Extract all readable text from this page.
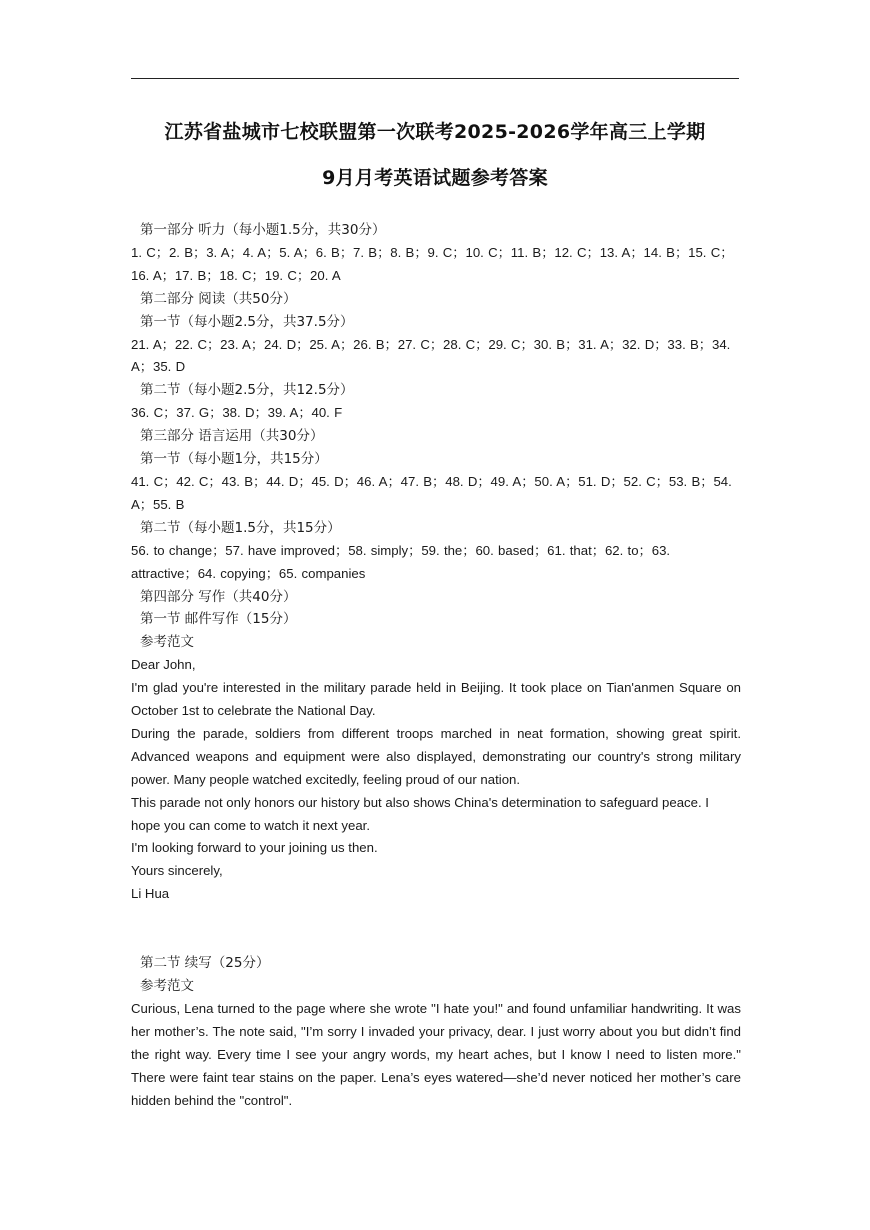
江苏省盐城市七校联盟第一次联考2025-2026学年高三上学期
9月月考英语试题参考答案

第一部分 听力（每小题1.5分，共30分）

1. C；2. B；3. A；4. A；5. A；6. B；7. B；8. B；9. C；10. C；11. B；12. C；13. A；14. B；15. C；16. A；17. B；18. C；19. C；20. A

第二部分 阅读（共50分）

第一节（每小题2.5分，共37.5分）

21. A；22. C；23. A；24. D；25. A；26. B；27. C；28. C；29. C；30. B；31. A；32. D；33. B；34. A；35. D

第二节（每小题2.5分，共12.5分）

36. C；37. G；38. D；39. A；40. F

第三部分 语言运用（共30分）

第一节（每小题1分，共15分）

41. C；42. C；43. B；44. D；45. D；46. A；47. B；48. D；49. A；50. A；51. D；52. C；53. B；54. A；55. B

第二节（每小题1.5分，共15分）

56. to change；57. have improved；58. simply；59. the；60. based；61. that；62. to；63. attractive；64. copying；65. companies

第四部分 写作（共40分）

第一节 邮件写作（15分）

参考范文

Dear John,

I'm glad you're interested in the military parade held in Beijing. It took place on Tian'anmen Square on October 1st to celebrate the National Day.

During the parade, soldiers from different troops marched in neat formation, showing great spirit. Advanced weapons and equipment were also displayed, demonstrating our country's strong military power. Many people watched excitedly, feeling proud of our nation.

This parade not only honors our history but also shows China's determination to safeguard peace. I hope you can come to watch it next year.

I'm looking forward to your joining us then.

Yours sincerely,

Li Hua

第二节 续写（25分）

参考范文

Curious, Lena turned to the page where she wrote "I hate you!" and found unfamiliar handwriting. It was her mother’s. The note said, "I’m sorry I invaded your privacy, dear. I just worry about you but didn’t find the right way. Every time I see your angry words, my heart aches, but I know I need to listen more." There were faint tear stains on the paper. Lena’s eyes watered—she’d never noticed her mother’s care hidden behind the "control".
